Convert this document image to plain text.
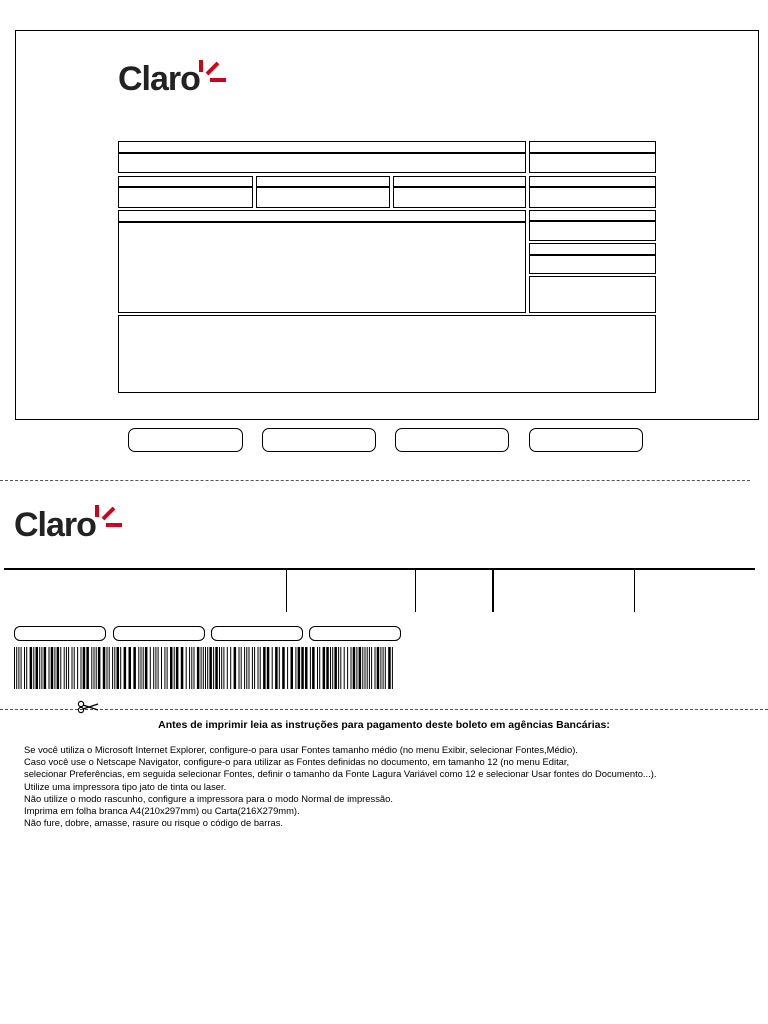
Claro
Claro
Antes de imprimir leia as instruções para pagamento deste boleto em agências Bancárias:
Se você utiliza o Microsoft Internet Explorer, configure-o para usar Fontes tamanho médio (no menu Exibir, selecionar Fontes,Médio).
Caso você use o Netscape Navigator, configure-o para utilizar as Fontes definidas no documento, em tamanho 12 (no menu Editar,
selecionar Preferências, em seguida selecionar Fontes, definir o tamanho da Fonte Lagura Variável como 12 e selecionar Usar fontes do Documento...).
Utilize uma impressora tipo jato de tinta ou laser.
Não utilize o modo rascunho, configure a impressora para o modo Normal de impressão.
Imprima em folha branca A4(210x297mm) ou Carta(216X279mm).
Não fure, dobre, amasse, rasure ou risque o código de barras.
